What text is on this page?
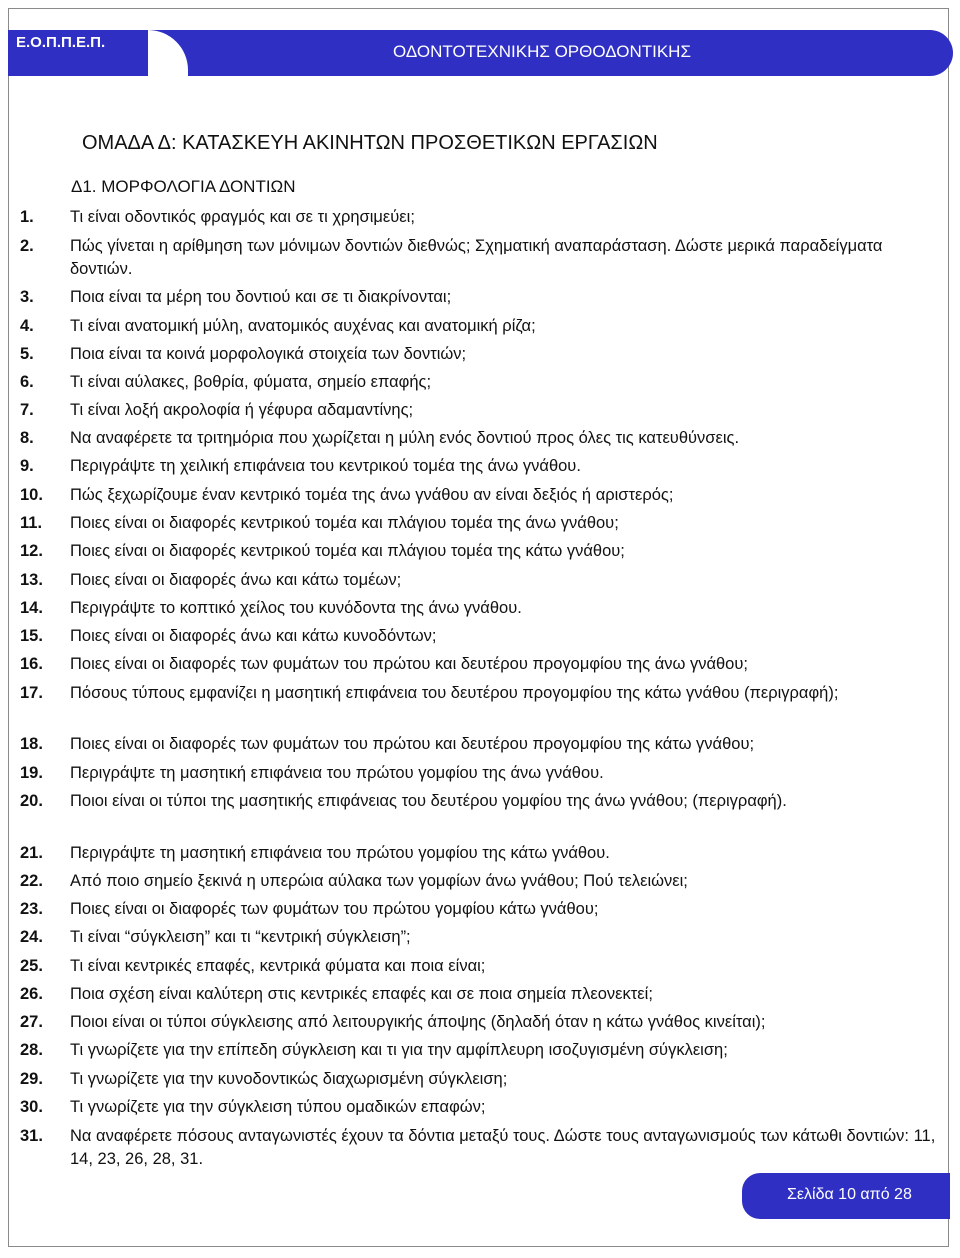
Ε.Ο.Π.Π.Ε.Π.	ΟΔΟΝΤΟΤΕΧΝΙΚΗΣ ΟΡΘΟΔΟΝΤΙΚΗΣ
ΟΜΑΔΑ Δ: ΚΑΤΑΣΚΕΥΗ ΑΚΙΝΗΤΩΝ ΠΡΟΣΘΕΤΙΚΩΝ ΕΡΓΑΣΙΩΝ
Δ1. ΜΟΡΦΟΛΟΓΙΑ ΔΟΝΤΙΩΝ
1.	Τι είναι οδοντικός φραγμός και σε τι χρησιμεύει;
2.	Πώς γίνεται η αρίθμηση των μόνιμων δοντιών διεθνώς; Σχηματική αναπαράσταση. Δώστε μερικά παραδείγματα δοντιών.
3.	Ποια είναι τα μέρη του δοντιού και σε τι διακρίνονται;
4.	Τι είναι ανατομική μύλη, ανατομικός αυχένας και ανατομική ρίζα;
5.	Ποια είναι τα κοινά μορφολογικά στοιχεία των δοντιών;
6.	Τι είναι αύλακες, βοθρία, φύματα, σημείο επαφής;
7.	Τι είναι λοξή ακρολοφία ή γέφυρα αδαμαντίνης;
8.	Να αναφέρετε τα τριτημόρια που χωρίζεται η μύλη ενός δοντιού προς όλες τις κατευθύνσεις.
9.	Περιγράψτε τη χειλική επιφάνεια του κεντρικού τομέα της άνω γνάθου.
10.	Πώς ξεχωρίζουμε έναν κεντρικό τομέα της άνω γνάθου αν είναι δεξιός ή αριστερός;
11.	Ποιες είναι οι διαφορές κεντρικού τομέα και πλάγιου τομέα της άνω γνάθου;
12.	Ποιες είναι οι διαφορές κεντρικού τομέα και πλάγιου τομέα της κάτω γνάθου;
13.	Ποιες είναι οι διαφορές άνω και κάτω τομέων;
14.	Περιγράψτε το κοπτικό χείλος του κυνόδοντα της άνω γνάθου.
15.	Ποιες είναι οι διαφορές άνω και κάτω κυνοδόντων;
16.	Ποιες είναι οι διαφορές των φυμάτων του πρώτου και δευτέρου προγομφίου της άνω γνάθου;
17.	Πόσους τύπους εμφανίζει η μασητική επιφάνεια του δευτέρου προγομφίου της κάτω γνάθου (περιγραφή);
18.	Ποιες είναι οι διαφορές των φυμάτων του πρώτου και δευτέρου προγομφίου της κάτω γνάθου;
19.	Περιγράψτε τη μασητική επιφάνεια του πρώτου γομφίου της άνω γνάθου.
20.	Ποιοι είναι οι τύποι της μασητικής επιφάνειας του δευτέρου γομφίου της άνω γνάθου; (περιγραφή).
21.	Περιγράψτε τη μασητική επιφάνεια του πρώτου γομφίου της κάτω γνάθου.
22.	Από ποιο σημείο ξεκινά η υπερώια αύλακα των γομφίων άνω γνάθου; Πού τελειώνει;
23.	Ποιες είναι οι διαφορές των φυμάτων του πρώτου γομφίου κάτω γνάθου;
24.	Τι είναι “σύγκλειση” και τι “κεντρική σύγκλειση”;
25.	Τι είναι κεντρικές επαφές, κεντρικά φύματα και ποια είναι;
26.	Ποια σχέση είναι καλύτερη στις κεντρικές επαφές και σε ποια σημεία πλεονεκτεί;
27.	Ποιοι είναι οι τύποι σύγκλεισης από λειτουργικής άποψης (δηλαδή όταν η κάτω γνάθος κινείται);
28.	Τι γνωρίζετε για την επίπεδη σύγκλειση και τι για την αμφίπλευρη ισοζυγισμένη σύγκλειση;
29.	Τι γνωρίζετε για την κυνοδοντικώς διαχωρισμένη σύγκλειση;
30.	Τι γνωρίζετε για την σύγκλειση τύπου ομαδικών επαφών;
31.	Να αναφέρετε πόσους ανταγωνιστές έχουν τα δόντια μεταξύ τους. Δώστε τους ανταγωνισμούς των κάτωθι δοντιών: 11, 14, 23, 26, 28, 31.
Σελίδα 10 από 28
